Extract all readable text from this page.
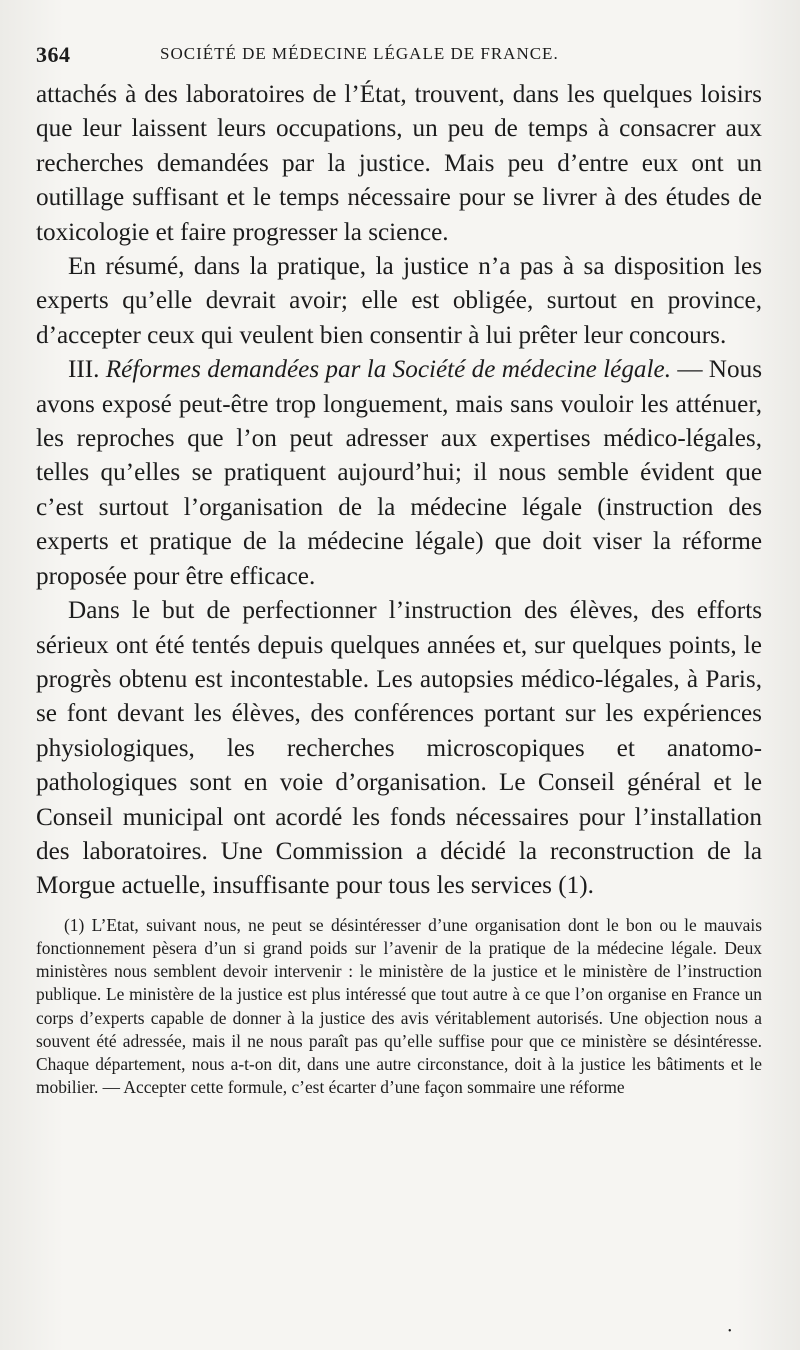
364	SOCIÉTÉ DE MÉDECINE LÉGALE DE FRANCE.

attachés à des laboratoires de l’État, trouvent, dans les quelques loisirs que leur laissent leurs occupations, un peu de temps à consacrer aux recherches demandées par la justice. Mais peu d’entre eux ont un outillage suffisant et le temps nécessaire pour se livrer à des études de toxicologie et faire progresser la science.

En résumé, dans la pratique, la justice n’a pas à sa disposition les experts qu’elle devrait avoir; elle est obligée, surtout en province, d’accepter ceux qui veulent bien consentir à lui prêter leur concours.

III. Réformes demandées par la Société de médecine légale. — Nous avons exposé peut-être trop longuement, mais sans vouloir les atténuer, les reproches que l’on peut adresser aux expertises médico-légales, telles qu’elles se pratiquent aujourd’hui; il nous semble évident que c’est surtout l’organisation de la médecine légale (instruction des experts et pratique de la médecine légale) que doit viser la réforme proposée pour être efficace.

Dans le but de perfectionner l’instruction des élèves, des efforts sérieux ont été tentés depuis quelques années et, sur quelques points, le progrès obtenu est incontestable. Les autopsies médico-légales, à Paris, se font devant les élèves, des conférences portant sur les expériences physiologiques, les recherches microscopiques et anatomo-pathologiques sont en voie d’organisation. Le Conseil général et le Conseil municipal ont acordé les fonds nécessaires pour l’installation des laboratoires. Une Commission a décidé la reconstruction de la Morgue actuelle, insuffisante pour tous les services (1).

(1) L’Etat, suivant nous, ne peut se désintéresser d’une organisation dont le bon ou le mauvais fonctionnement pèsera d’un si grand poids sur l’avenir de la pratique de la médecine légale. Deux ministères nous semblent devoir intervenir : le ministère de la justice et le ministère de l’instruction publique. Le ministère de la justice est plus intéressé que tout autre à ce que l’on organise en France un corps d’experts capable de donner à la justice des avis véritablement autorisés. Une objection nous a souvent été adressée, mais il ne nous paraît pas qu’elle suffise pour que ce ministère se désintéresse. Chaque département, nous a-t-on dit, dans une autre circonstance, doit à la justice les bâtiments et le mobilier. — Accepter cette formule, c’est écarter d’une façon sommaire une réforme

•
